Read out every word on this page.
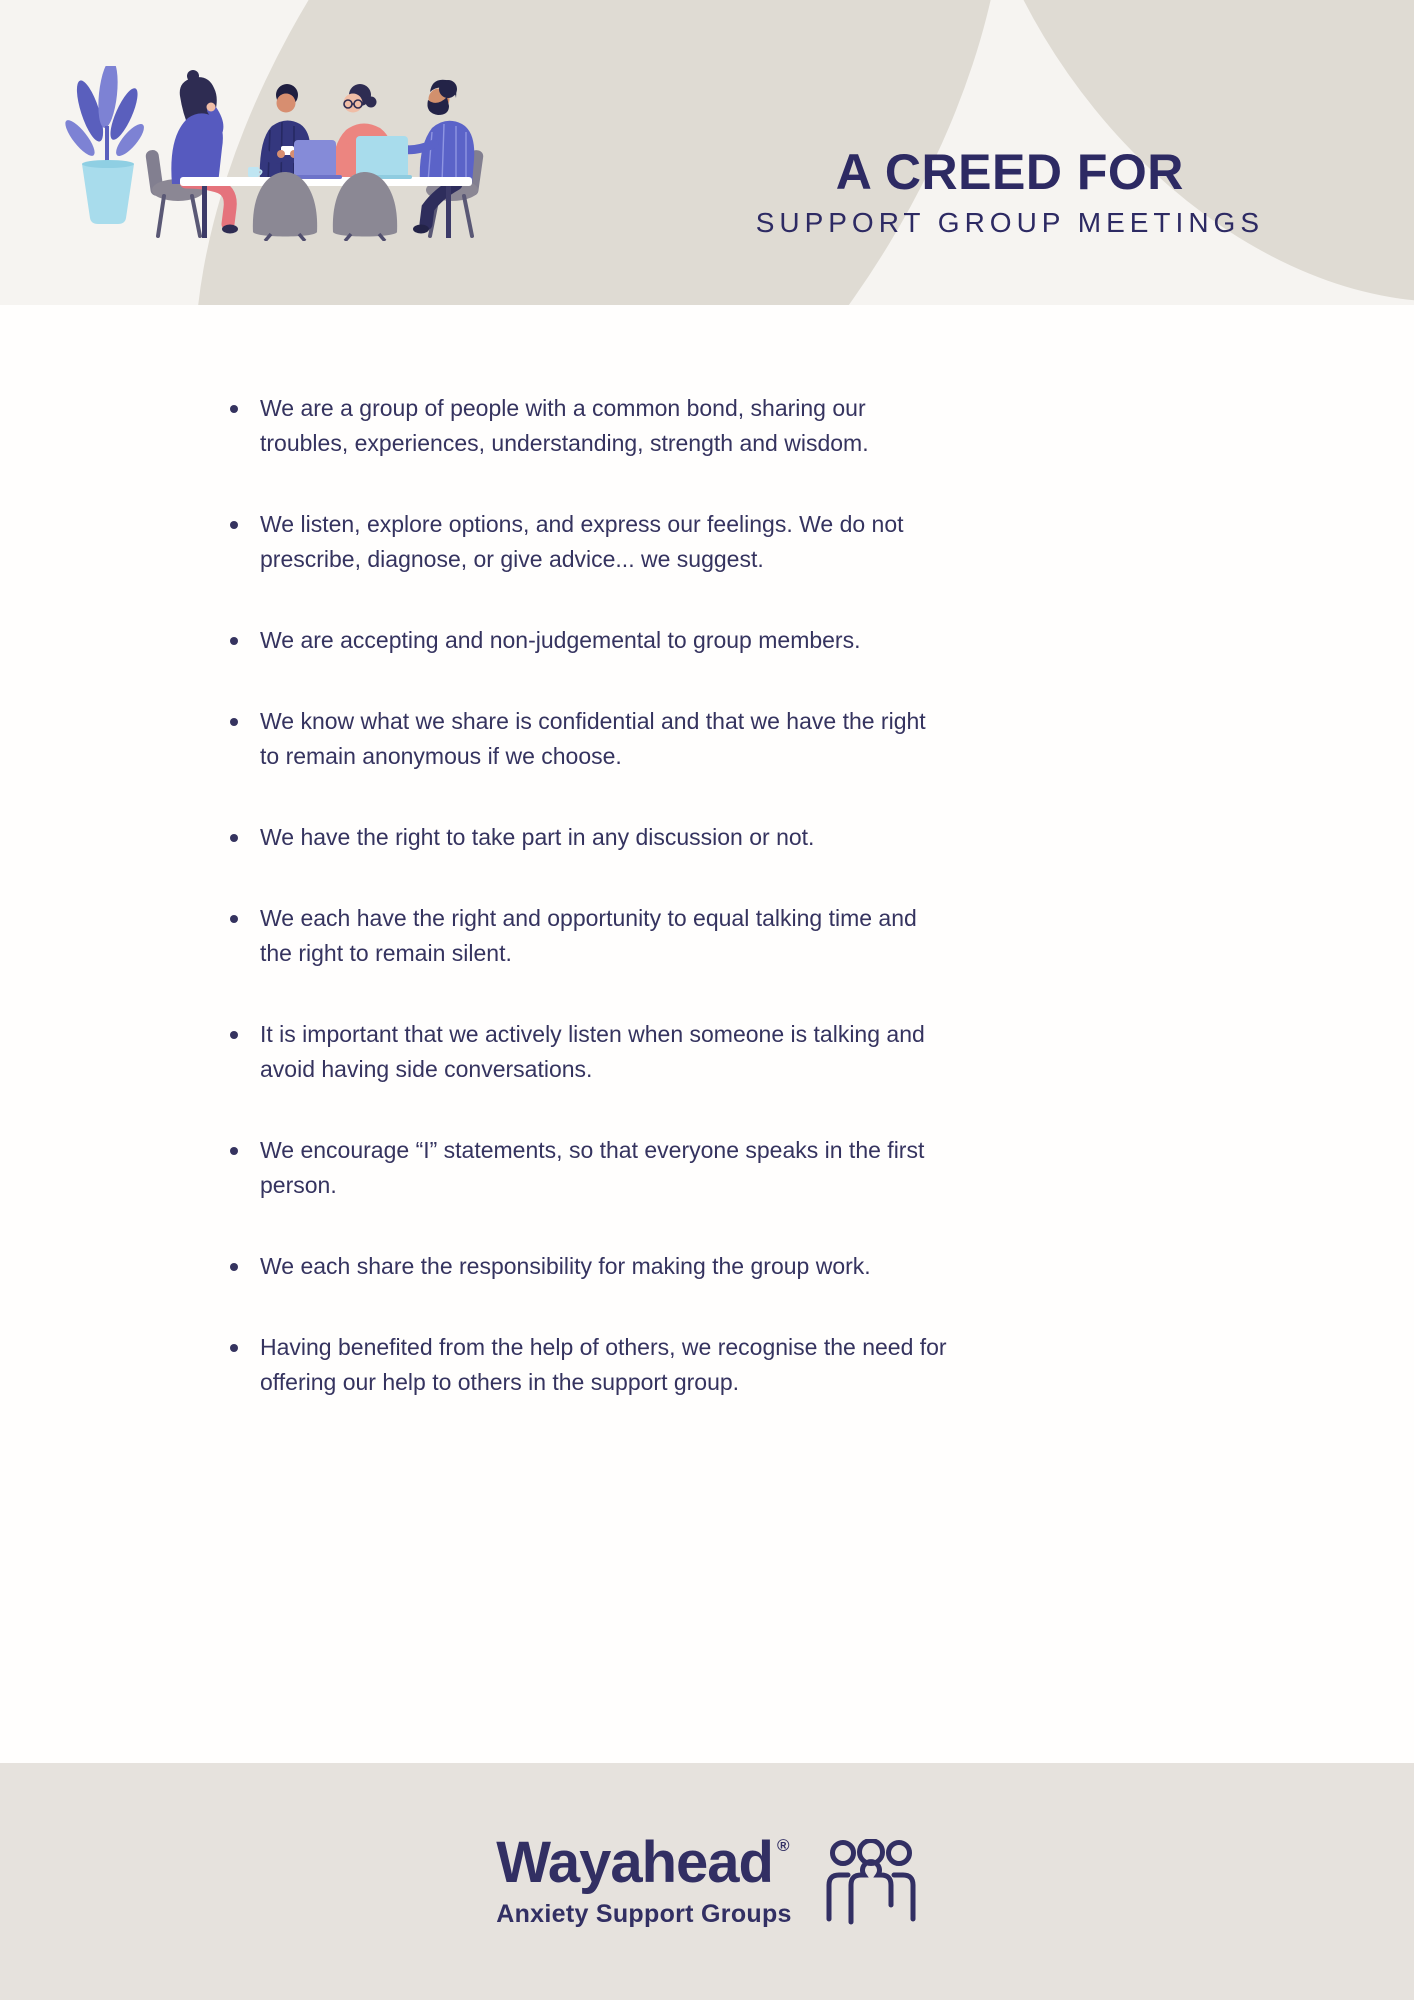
A CREED FOR
SUPPORT GROUP MEETINGS
We are a group of people with a common bond, sharing our troubles, experiences, understanding, strength and wisdom.
We listen, explore options, and express our feelings. We do not prescribe, diagnose, or give advice... we suggest.
We are accepting and non-judgemental to group members.
We know what we share is confidential and that we have the right to remain anonymous if we choose.
We have the right to take part in any discussion or not.
We each have the right and opportunity to equal talking time and the right to remain silent.
It is important that we actively listen when someone is talking and avoid having side conversations.
We encourage “I” statements, so that everyone speaks in the first person.
We each share the responsibility for making the group work.
Having benefited from the help of others, we recognise the need for offering our help to others in the support group.
Wayahead ®
Anxiety Support Groups
